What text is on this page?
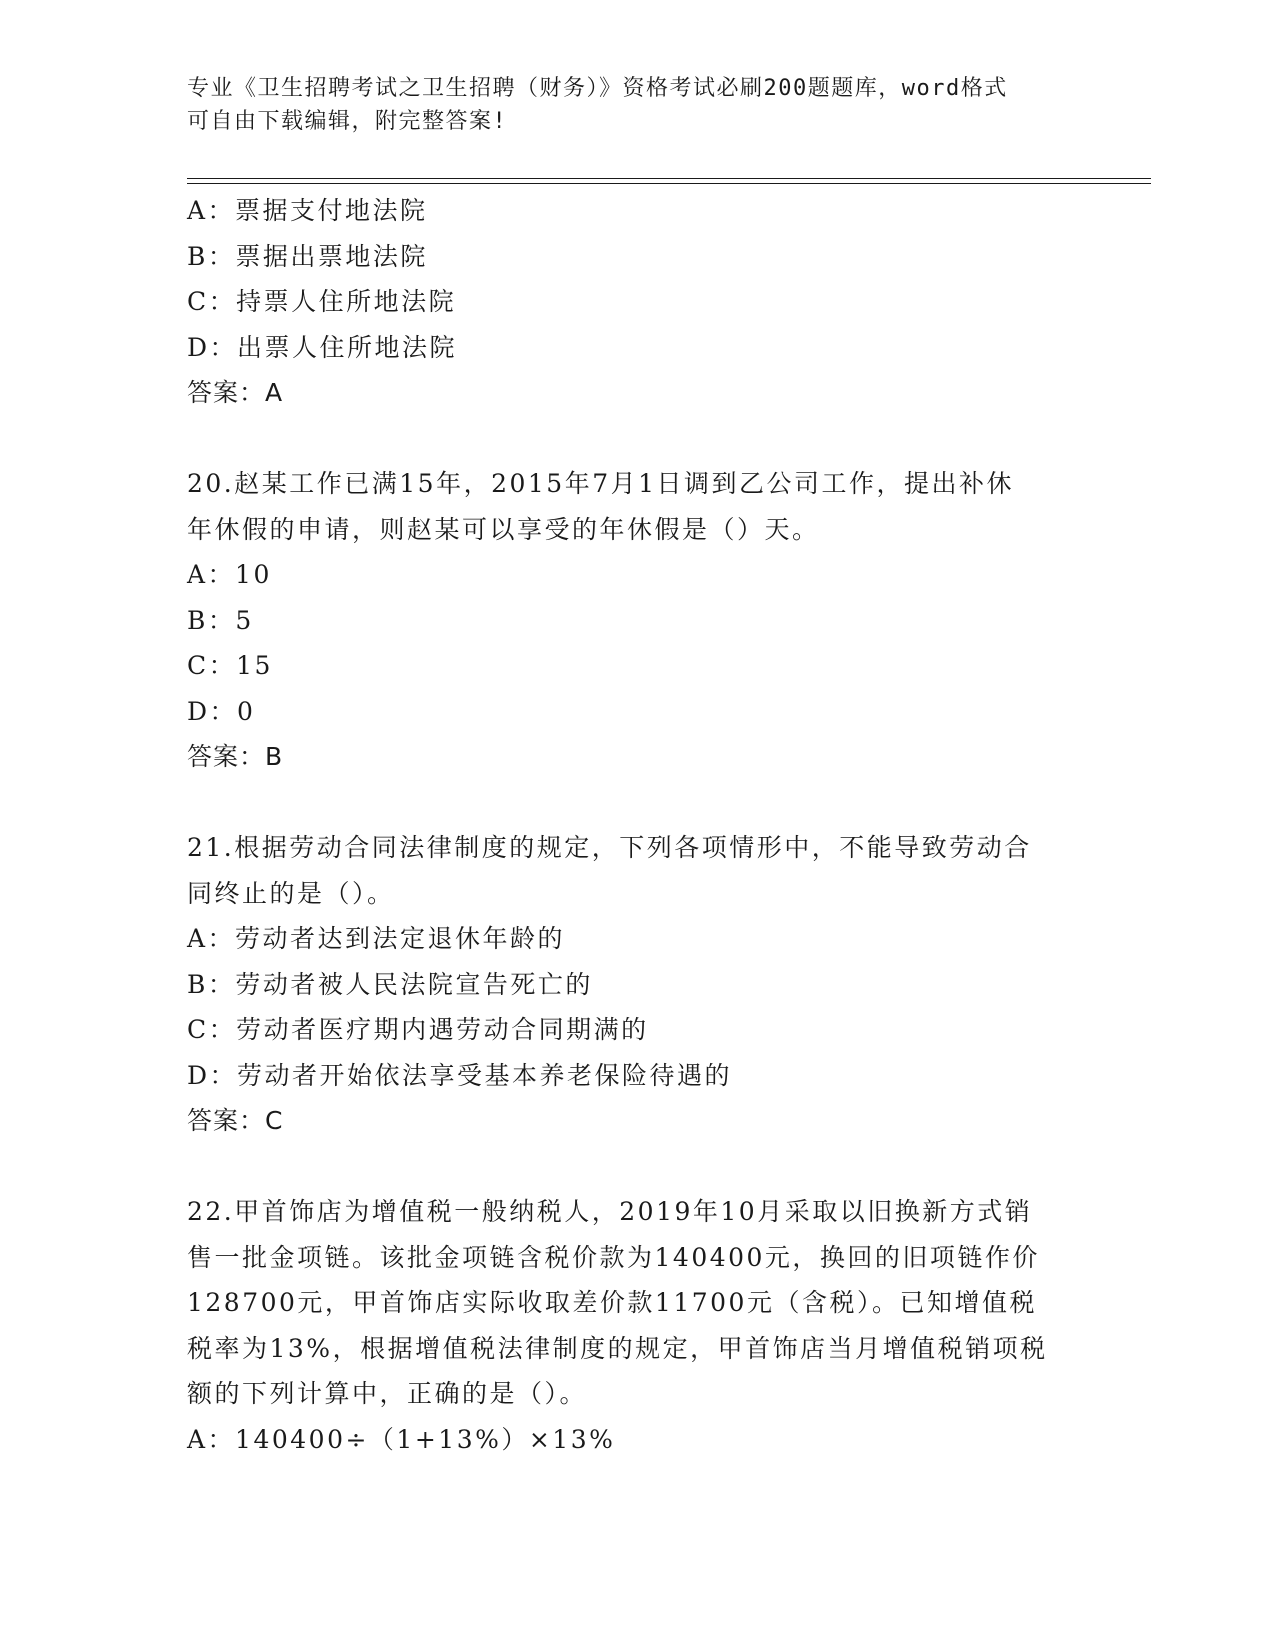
专业《卫生招聘考试之卫生招聘（财务）》资格考试必刷200题题库，word格式
可自由下载编辑，附完整答案!
A：票据支付地法院
B：票据出票地法院
C：持票人住所地法院
D：出票人住所地法院
答案：A
20.赵某工作已满15年，2015年7月1日调到乙公司工作，提出补休
年休假的申请，则赵某可以享受的年休假是（）天。
A：10
B：5
C：15
D：0
答案：B
21.根据劳动合同法律制度的规定，下列各项情形中，不能导致劳动合
同终止的是（）。
A：劳动者达到法定退休年龄的
B：劳动者被人民法院宣告死亡的
C：劳动者医疗期内遇劳动合同期满的
D：劳动者开始依法享受基本养老保险待遇的
答案：C
22.甲首饰店为增值税一般纳税人，2019年10月采取以旧换新方式销
售一批金项链。该批金项链含税价款为140400元，换回的旧项链作价
128700元，甲首饰店实际收取差价款11700元（含税）。已知增值税
税率为13%，根据增值税法律制度的规定，甲首饰店当月增值税销项税
额的下列计算中，正确的是（）。
A：140400÷（1+13%）×13%
